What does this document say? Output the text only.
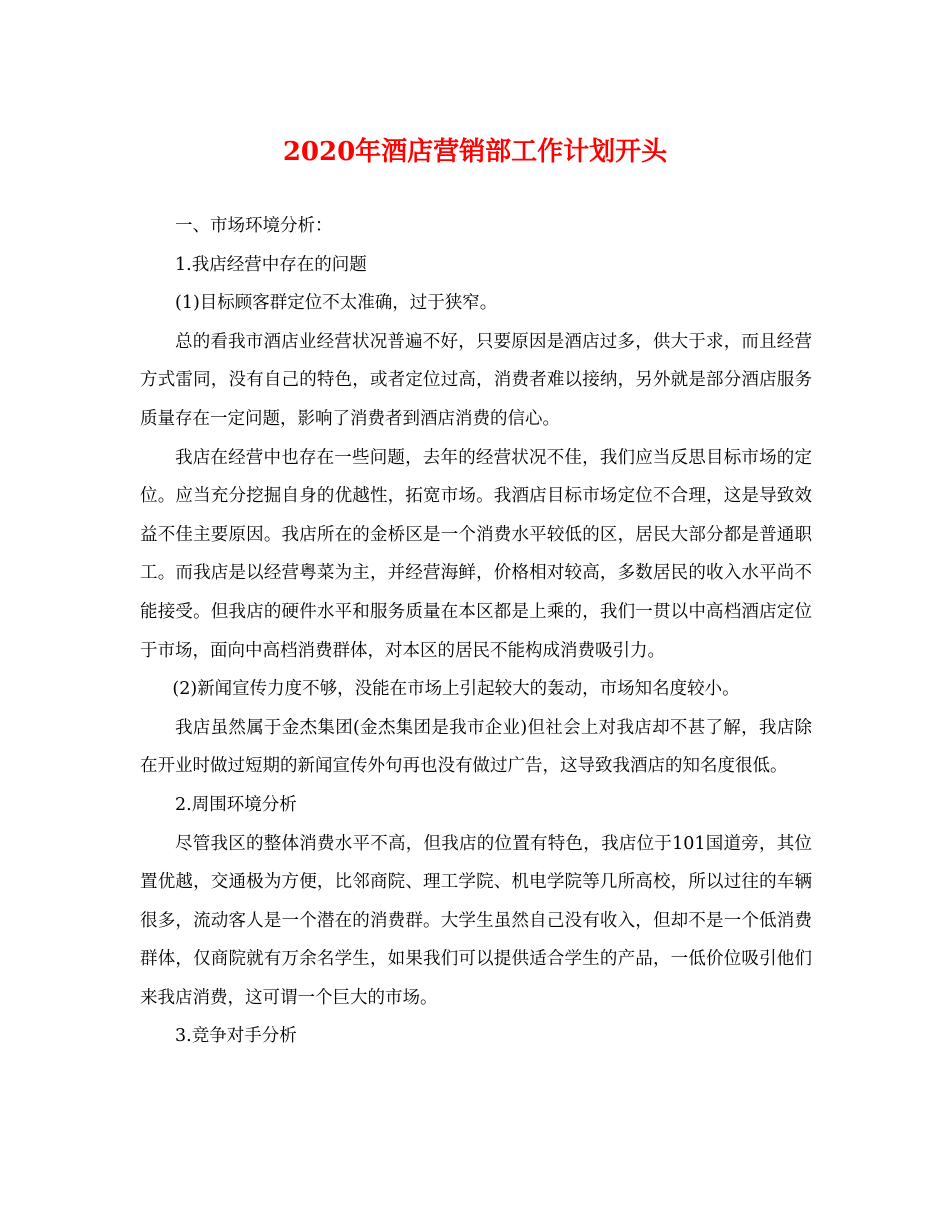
2020年酒店营销部工作计划开头

一、市场环境分析：

1.我店经营中存在的问题

(1)目标顾客群定位不太准确，过于狭窄。

总的看我市酒店业经营状况普遍不好，只要原因是酒店过多，供大于求，而且经营方式雷同，没有自己的特色，或者定位过高，消费者难以接纳，另外就是部分酒店服务质量存在一定问题，影响了消费者到酒店消费的信心。

我店在经营中也存在一些问题，去年的经营状况不佳，我们应当反思目标市场的定位。应当充分挖掘自身的优越性，拓宽市场。我酒店目标市场定位不合理，这是导致效益不佳主要原因。我店所在的金桥区是一个消费水平较低的区，居民大部分都是普通职工。而我店是以经营粤菜为主，并经营海鲜，价格相对较高，多数居民的收入水平尚不能接受。但我店的硬件水平和服务质量在本区都是上乘的，我们一贯以中高档酒店定位于市场，面向中高档消费群体，对本区的居民不能构成消费吸引力。

(2)新闻宣传力度不够，没能在市场上引起较大的轰动，市场知名度较小。

我店虽然属于金杰集团(金杰集团是我市企业)但社会上对我店却不甚了解，我店除在开业时做过短期的新闻宣传外句再也没有做过广告，这导致我酒店的知名度很低。

2.周围环境分析

尽管我区的整体消费水平不高，但我店的位置有特色，我店位于101国道旁，其位置优越，交通极为方便，比邻商院、理工学院、机电学院等几所高校，所以过往的车辆很多，流动客人是一个潜在的消费群。大学生虽然自己没有收入，但却不是一个低消费群体，仅商院就有万余名学生，如果我们可以提供适合学生的产品，一低价位吸引他们来我店消费，这可谓一个巨大的市场。

3.竞争对手分析
